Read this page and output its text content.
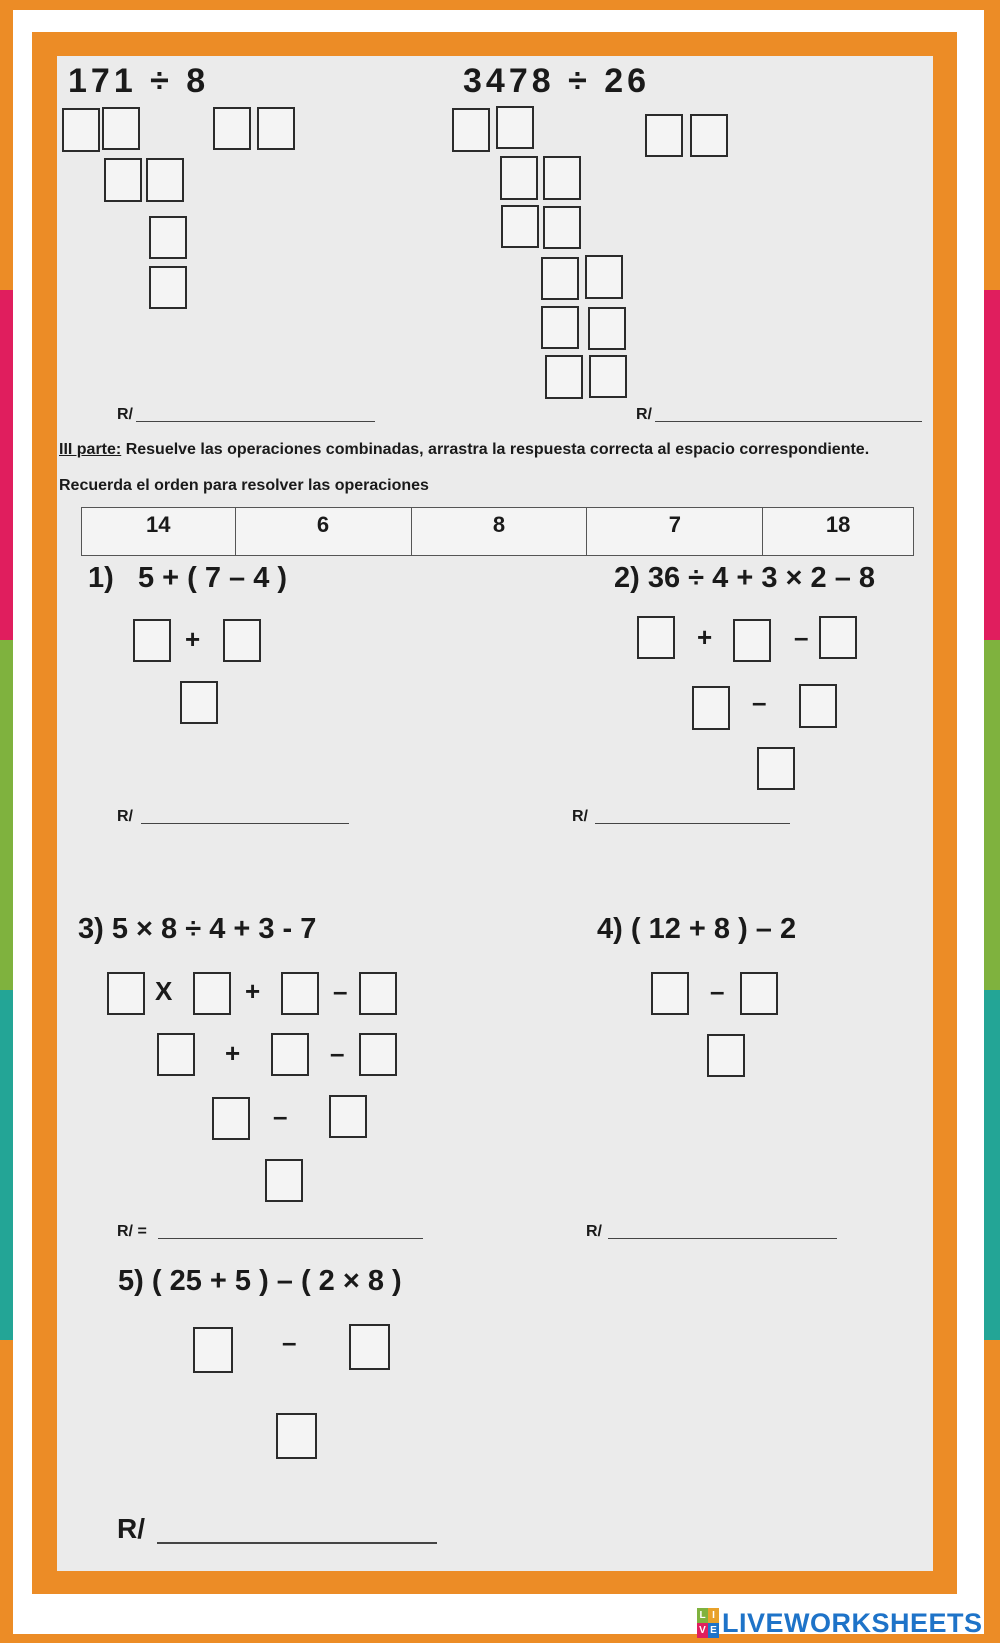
171 ÷ 8
R/
3478 ÷ 26
R/
III parte: Resuelve las operaciones combinadas, arrastra la respuesta correcta al espacio correspondiente. Recuerda el orden para resolver las operaciones
14	6	8	7	18
1) 5 + ( 7 – 4 )
+
R/
2) 36 ÷ 4 + 3 × 2 – 8
+	–
–
R/
3) 5 × 8 ÷ 4 + 3 - 7
X	+	–
+	–
–
R/ =
4) ( 12 + 8 ) – 2
–
R/
5) ( 25 + 5 ) – ( 2 × 8 )
–
R/
L I
V E LIVEWORKSHEETS
